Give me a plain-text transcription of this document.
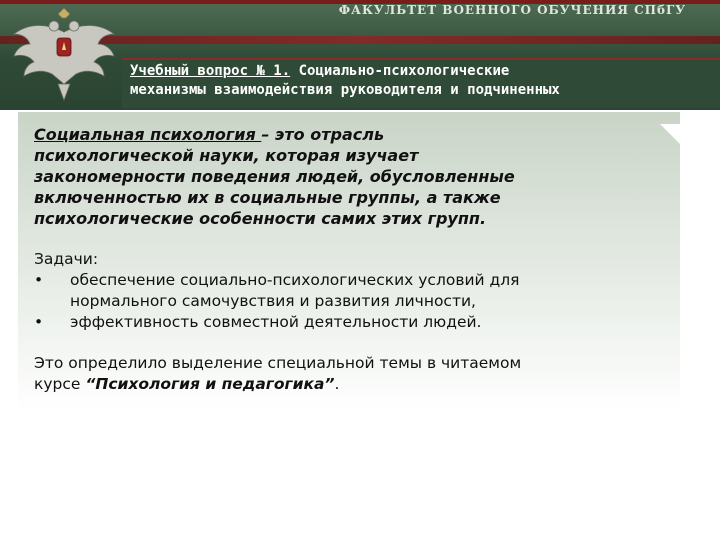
ФАКУЛЬТЕТ ВОЕННОГО ОБУЧЕНИЯ СПбГУ
Учебный вопрос № 1. Социально-психологические
механизмы взаимодействия руководителя и подчиненных

Социальная психология – это отрасль
психологической науки, которая изучает
закономерности поведения людей, обусловленные
включенностью их в социальные группы, а также
психологические особенности самих этих групп.

Задачи:
•	обеспечение социально-психологических условий для
нормального самочувствия и развития личности,
•	эффективность совместной деятельности людей.
Это определило выделение специальной темы в читаемом
курсе “Психология и педагогика”.
